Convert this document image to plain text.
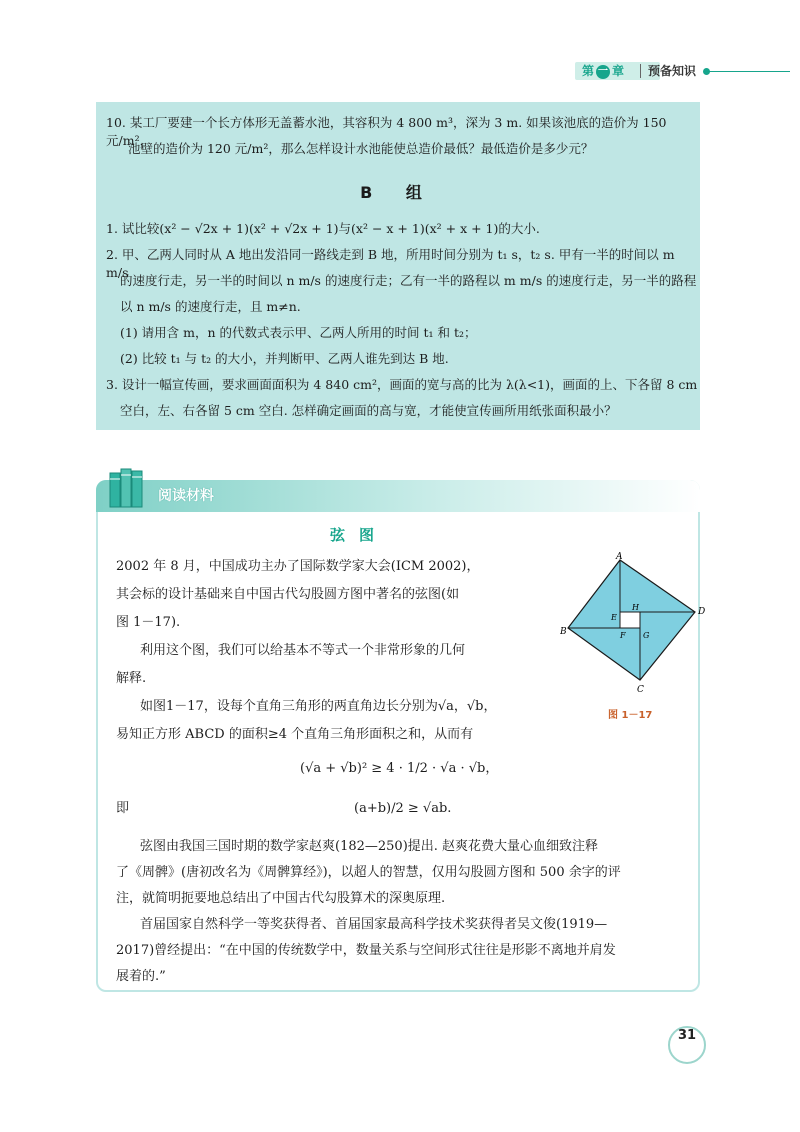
第 一 章 预备知识

10. 某工厂要建一个长方体形无盖蓄水池，其容积为 4 800 m³，深为 3 m. 如果该池底的造价为 150 元/m²，

池壁的造价为 120 元/m²，那么怎样设计水池能使总造价最低？最低造价是多少元？

B 组

1. 试比较(x² − √2x + 1)(x² + √2x + 1)与(x² − x + 1)(x² + x + 1)的大小.

2. 甲、乙两人同时从 A 地出发沿同一路线走到 B 地，所用时间分别为 t₁ s，t₂ s. 甲有一半的时间以 m m/s

的速度行走，另一半的时间以 n m/s 的速度行走；乙有一半的路程以 m m/s 的速度行走，另一半的路程

以 n m/s 的速度行走，且 m≠n.

(1) 请用含 m，n 的代数式表示甲、乙两人所用的时间 t₁ 和 t₂；

(2) 比较 t₁ 与 t₂ 的大小，并判断甲、乙两人谁先到达 B 地.

3. 设计一幅宣传画，要求画面面积为 4 840 cm²，画面的宽与高的比为 λ(λ<1)，画面的上、下各留 8 cm

空白，左、右各留 5 cm 空白. 怎样确定画面的高与宽，才能使宣传画所用纸张面积最小？

阅读材料
弦图

2002 年 8 月，中国成功主办了国际数学家大会(ICM 2002)，

其会标的设计基础来自中国古代勾股圆方图中著名的弦图(如

图 1－17).

利用这个图，我们可以给基本不等式一个非常形象的几何

解释.

如图1－17，设每个直角三角形的两直角边长分别为√a，√b，

易知正方形 ABCD 的面积≥4 个直角三角形面积之和，从而有

(√a + √b)² ≥ 4 · 1/2 · √a · √b，

即	(a+b)/2 ≥ √ab.

弦图由我国三国时期的数学家赵爽(182—250)提出. 赵爽花费大量心血细致注释

了《周髀》(唐初改名为《周髀算经》)，以超人的智慧，仅用勾股圆方图和 500 余字的评

注，就简明扼要地总结出了中国古代勾股算术的深奥原理.

首届国家自然科学一等奖获得者、首届国家最高科学技术奖获得者吴文俊(1919—

2017)曾经提出：“在中国的传统数学中，数量关系与空间形式往往是形影不离地并肩发

展着的.”

A
D
B
C
E
H
F G
图 1－17
31
